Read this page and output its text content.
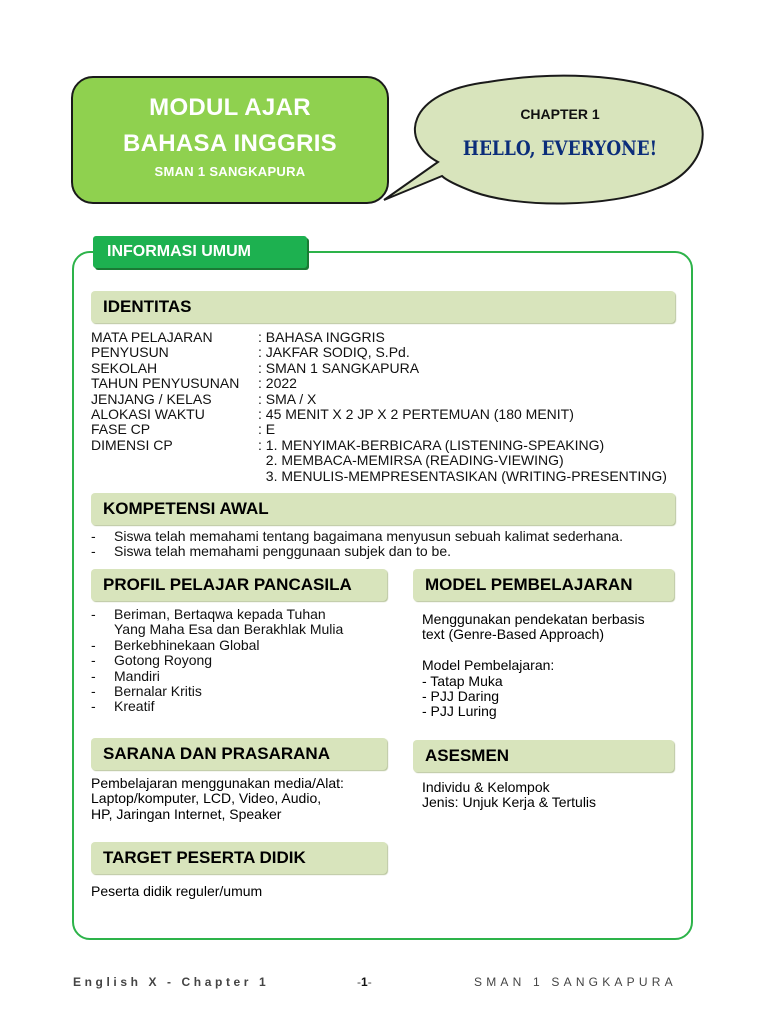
MODUL AJAR
BAHASA INGGRIS
SMAN 1 SANGKAPURA
CHAPTER 1
HELLO, EVERYONE!
INFORMASI UMUM
IDENTITAS
MATA PELAJARAN	: BAHASA INGGRIS
PENYUSUN	: JAKFAR SODIQ, S.Pd.
SEKOLAH	: SMAN 1 SANGKAPURA
TAHUN PENYUSUNAN : 2022
JENJANG / KELAS	: SMA / X
ALOKASI WAKTU	: 45 MENIT X 2 JP X 2 PERTEMUAN (180 MENIT)
FASE CP	: E
DIMENSI CP	: 1. MENYIMAK-BERBICARA (LISTENING-SPEAKING)
2. MEMBACA-MEMIRSA (READING-VIEWING)
3. MENULIS-MEMPRESENTASIKAN (WRITING-PRESENTING)
KOMPETENSI AWAL
- Siswa telah memahami tentang bagaimana menyusun sebuah kalimat sederhana.
- Siswa telah memahami penggunaan subjek dan to be.
PROFIL PELAJAR PANCASILA
- Beriman, Bertaqwa kepada Tuhan
Yang Maha Esa dan Berakhlak Mulia
- Berkebhinekaan Global
- Gotong Royong
- Mandiri
- Bernalar Kritis
- Kreatif
MODEL PEMBELAJARAN
Menggunakan pendekatan berbasis
text (Genre-Based Approach)
Model Pembelajaran:
- Tatap Muka
- PJJ Daring
- PJJ Luring
SARANA DAN PRASARANA
Pembelajaran menggunakan media/Alat:
Laptop/komputer, LCD, Video, Audio,
HP, Jaringan Internet, Speaker
ASESMEN
Individu & Kelompok
Jenis: Unjuk Kerja & Tertulis
TARGET PESERTA DIDIK
Peserta didik reguler/umum
English X - Chapter 1	-1-	SMAN 1 SANGKAPURA
